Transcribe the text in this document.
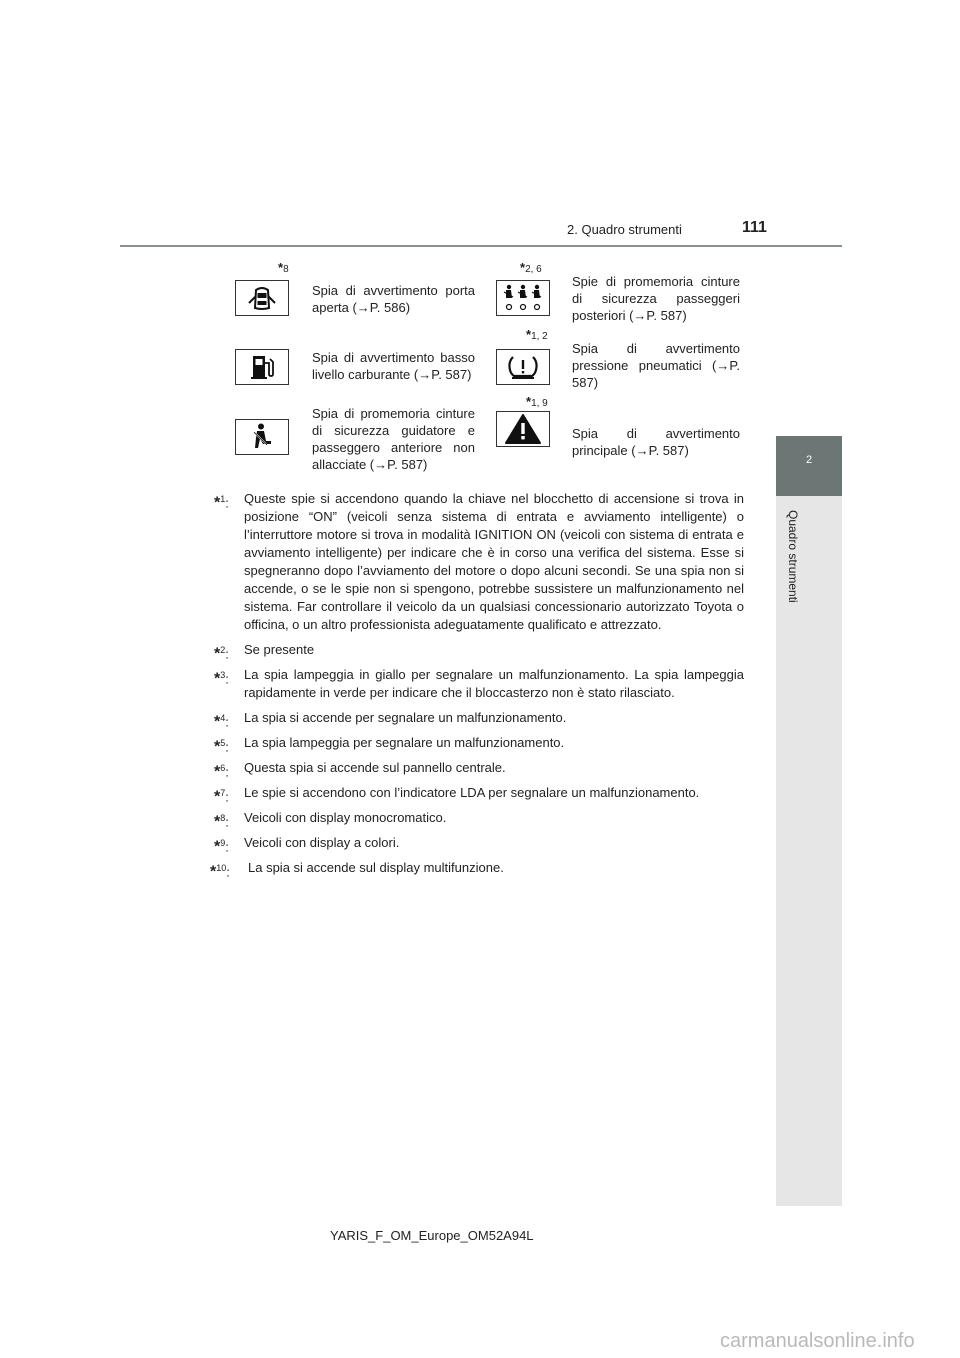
2. Quadro strumenti	111
2
Quadro strumenti
*8
Spia di avvertimento porta aperta (→P. 586)
*2, 6
Spie di promemoria cinture di sicurezza passeggeri posteriori (→P. 587)
Spia di avvertimento basso livello carburante (→P. 587)
*1, 2
Spia di avvertimento pressione pneumatici (→P. 587)
Spia di promemoria cinture di sicurezza guidatore e passeggero anteriore non allacciate (→P. 587)
*1, 9
Spia di avvertimento principale (→P. 587)
*$^1$: Queste spie si accendono quando la chiave nel blocchetto di accensione si trova in posizione “ON” (veicoli senza sistema di entrata e avviamento intelligente) o l’interruttore motore si trova in modalità IGNITION ON (veicoli con sistema di entrata e avviamento intelligente) per indicare che è in corso una verifica del sistema. Esse si spegneranno dopo l’avviamento del motore o dopo alcuni secondi. Se una spia non si accende, o se le spie non si spengono, potrebbe sussistere un malfunzionamento nel sistema. Far controllare il veicolo da un qualsiasi concessionario autorizzato Toyota o officina, o un altro professionista adeguatamente qualificato e attrezzato.
*$^2$: Se presente
*$^3$: La spia lampeggia in giallo per segnalare un malfunzionamento. La spia lampeggia rapidamente in verde per indicare che il bloccasterzo non è stato rilasciato.
*$^4$: La spia si accende per segnalare un malfunzionamento.
*$^5$: La spia lampeggia per segnalare un malfunzionamento.
*$^6$: Questa spia si accende sul pannello centrale.
*$^7$: Le spie si accendono con l’indicatore LDA per segnalare un malfunzionamento.
*$^8$: Veicoli con display monocromatico.
*$^9$: Veicoli con display a colori.
*$^{10}$: La spia si accende sul display multifunzione.
YARIS_F_OM_Europe_OM52A94L
carmanualsonline.info
